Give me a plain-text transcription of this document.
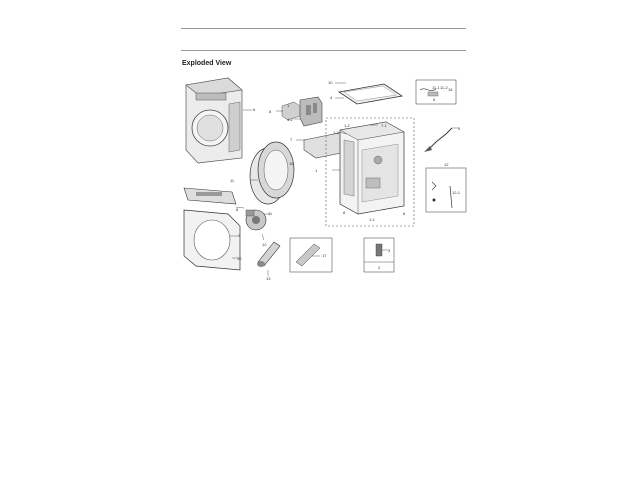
Exploded View
6	8
1
4-2
10
4
16
11-1 11-2
5
5
7
7-1
1-2
1-3
1
8
1-1
8
12
12-1
11
16
8
9
10
11
12
13
17
3
2
